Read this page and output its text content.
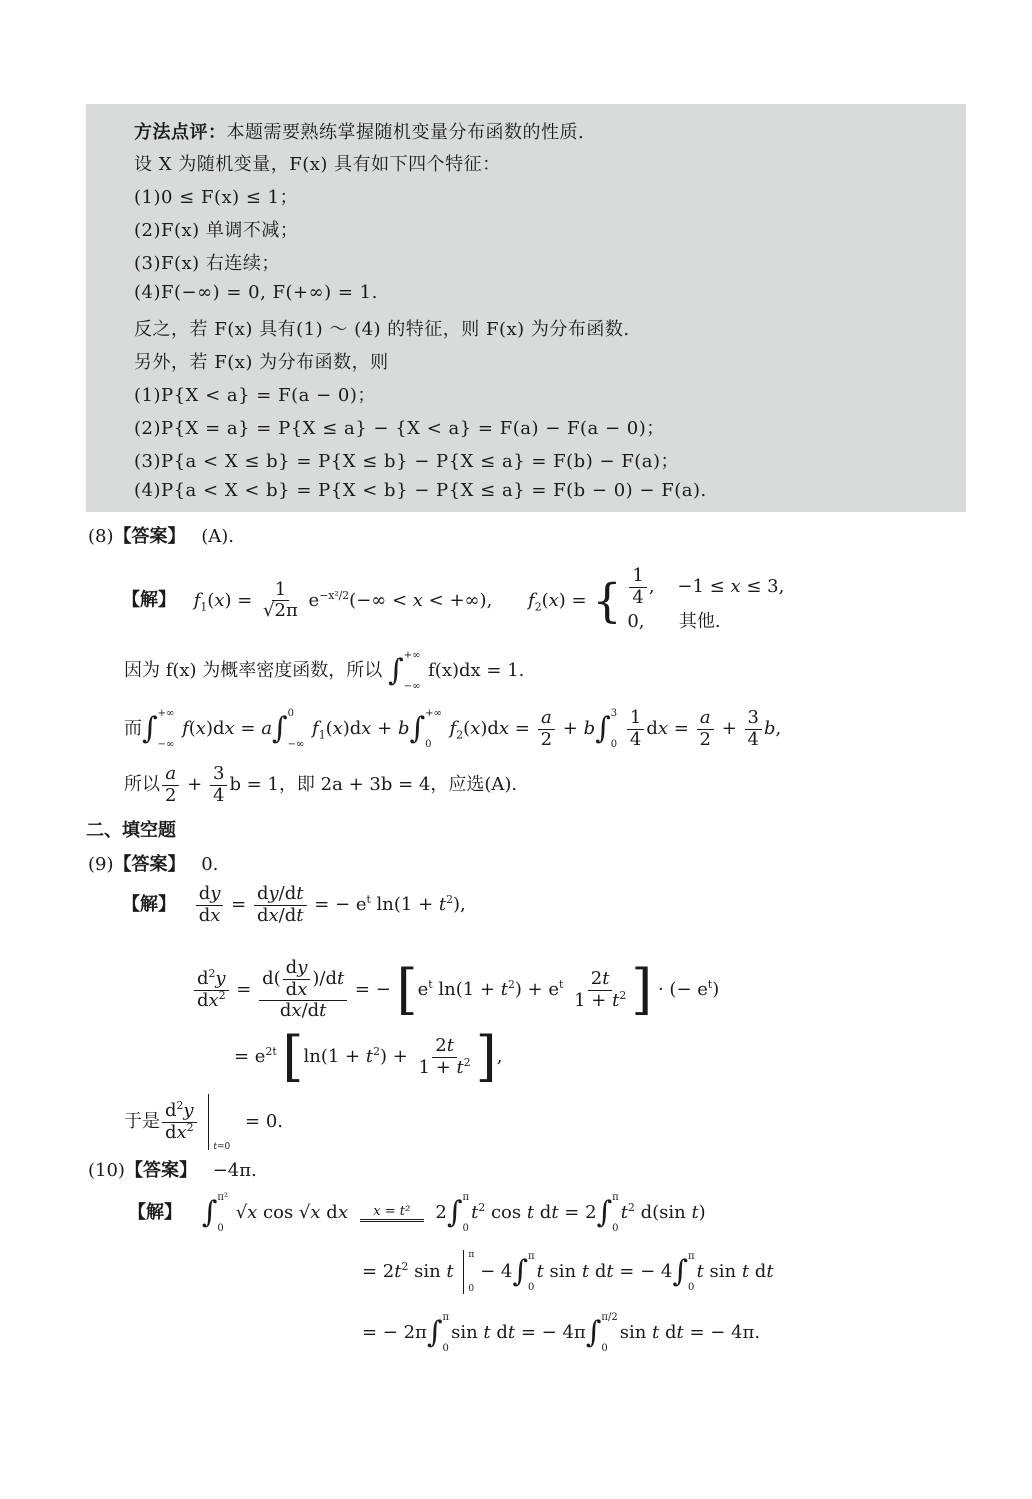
方法点评：本题需要熟练掌握随机变量分布函数的性质.
设 X 为随机变量，F(x) 具有如下四个特征：
(1)0 ≤ F(x) ≤ 1；
(2)F(x) 单调不减；
(3)F(x) 右连续；
(4)F(−∞) = 0, F(+∞) = 1.
反之，若 F(x) 具有(1) ～ (4) 的特征，则 F(x) 为分布函数.
另外，若 F(x) 为分布函数，则
(1)P{X < a} = F(a − 0)；
(2)P{X = a} = P{X ≤ a} − {X < a} = F(a) − F(a − 0)；
(3)P{a < X ≤ b} = P{X ≤ b} − P{X ≤ a} = F(b) − F(a)；
(4)P{a < X < b} = P{X < b} − P{X ≤ a} = F(b − 0) − F(a).
(8)【答案】 (A).
【解】 $f_1(x) = \frac{1}{√2\pi} e^{-x^2/2}(-\infty < x$ < +∞), $f_2(x)$ = { $\frac{1}{4}$ ,    −1 ≤ x ≤ 3,
0,      其他.
因为 f(x) 为概率密度函数，所以 ∫ +∞
−∞
f(x)dx = 1.
而∫ +∞
−∞
f(x)dx = a∫ 0
−∞
$f_1(x)dx + b\int$ +∞
0
$f_2(x)dx = \frac{a}{2} + b\int$ 3
0
$\frac{1}{4}$ dx = $\frac{a}{2} + \frac{3}{4} b$,
所以 $\frac{a}{2} + \frac{3}{4}$ b = 1，即 2a + 3b = 4，应选(A).
二、填空题
(9)【答案】 0.
【解】 $\frac{dy}{dx} = \frac{dy/dt}{dx/dt}$ = − $e^t$ $\ln(1 + t^2)$,
$\frac{d^2y}{dx^2} = \frac{d( \frac{dy}{dx} )/dt}{dx/dt}$ = − [$e^t$ $\ln(1 + t^2) + e^t \frac{2t}{1 + t^2}$ ] · (− $e^t$)
= $e^{2t}$ [$\ln(1 + t^2) + \frac{2t}{1 + t^2}$ ],
于是 $\frac{d^2y}{dx^2}$

t=0
= 0.
(10)【答案】 −4π.
【解】 ∫ π²
0
√x cos √x dx x = t² 2∫ π
0
$t^2$ cos t dt = 2∫ π
0
$t^2$ d(sin t)
= $2t^2$ sin t
π
0
− 4∫ π
0
t sin t dt = − 4∫ π
0
t sin t dt
= − 2π∫ π
0
sin t dt = − 4π∫ π/2
0
sin t dt = − 4π.
